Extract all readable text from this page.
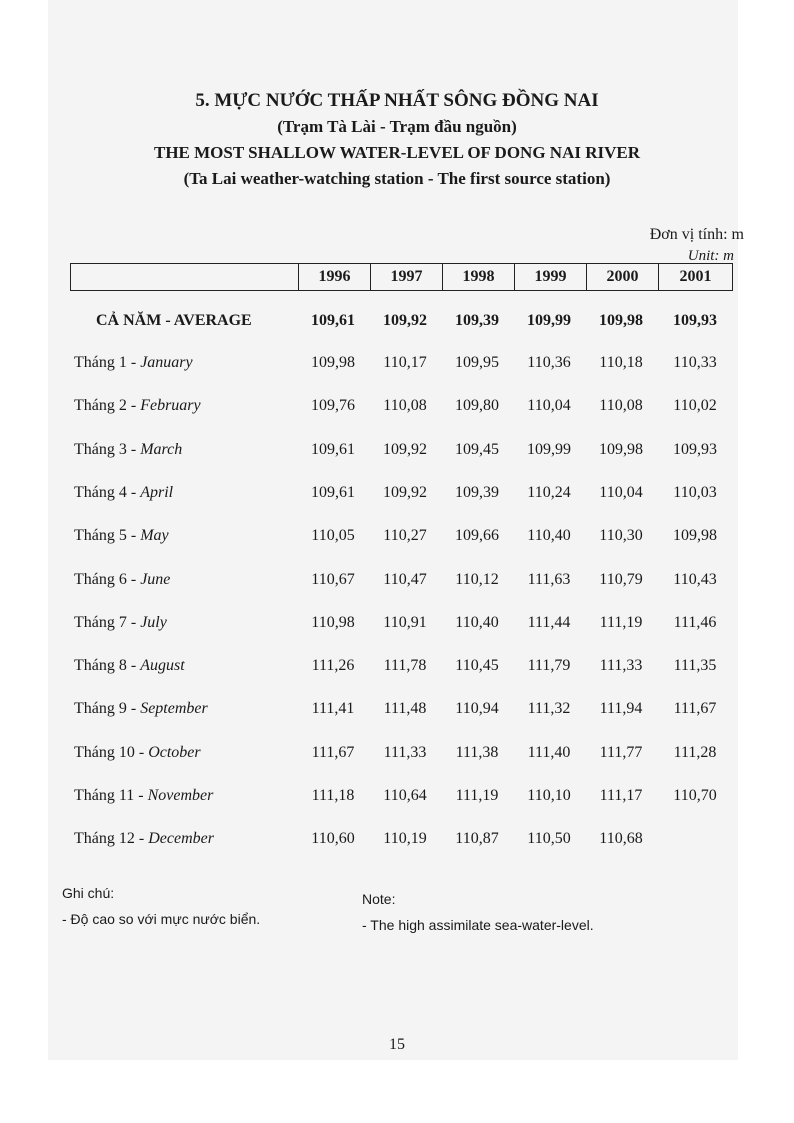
5. MỰC NƯỚC THẤP NHẤT SÔNG ĐỒNG NAI
(Trạm Tà Lài - Trạm đầu nguồn)
THE MOST SHALLOW WATER-LEVEL OF DONG NAI RIVER
(Ta Lai weather-watching station - The first source station)
Đơn vị tính: m
Unit: m
	1996	1997	1998	1999	2000	2001
CẢ NĂM - AVERAGE	109,61	109,92	109,39	109,99	109,98	109,93
Tháng 1 - January	109,98	110,17	109,95	110,36	110,18	110,33
Tháng 2 - February	109,76	110,08	109,80	110,04	110,08	110,02
Tháng 3 - March	109,61	109,92	109,45	109,99	109,98	109,93
Tháng 4 - April	109,61	109,92	109,39	110,24	110,04	110,03
Tháng 5 - May	110,05	110,27	109,66	110,40	110,30	109,98
Tháng 6 - June	110,67	110,47	110,12	111,63	110,79	110,43
Tháng 7 - July	110,98	110,91	110,40	111,44	111,19	111,46
Tháng 8 - August	111,26	111,78	110,45	111,79	111,33	111,35
Tháng 9 - September	111,41	111,48	110,94	111,32	111,94	111,67
Tháng 10 - October	111,67	111,33	111,38	111,40	111,77	111,28
Tháng 11 - November	111,18	110,64	111,19	110,10	111,17	110,70
Tháng 12 - December	110,60	110,19	110,87	110,50	110,68
Ghi chú:
- Độ cao so với mực nước biển.
Note:
- The high assimilate sea-water-level.
15
